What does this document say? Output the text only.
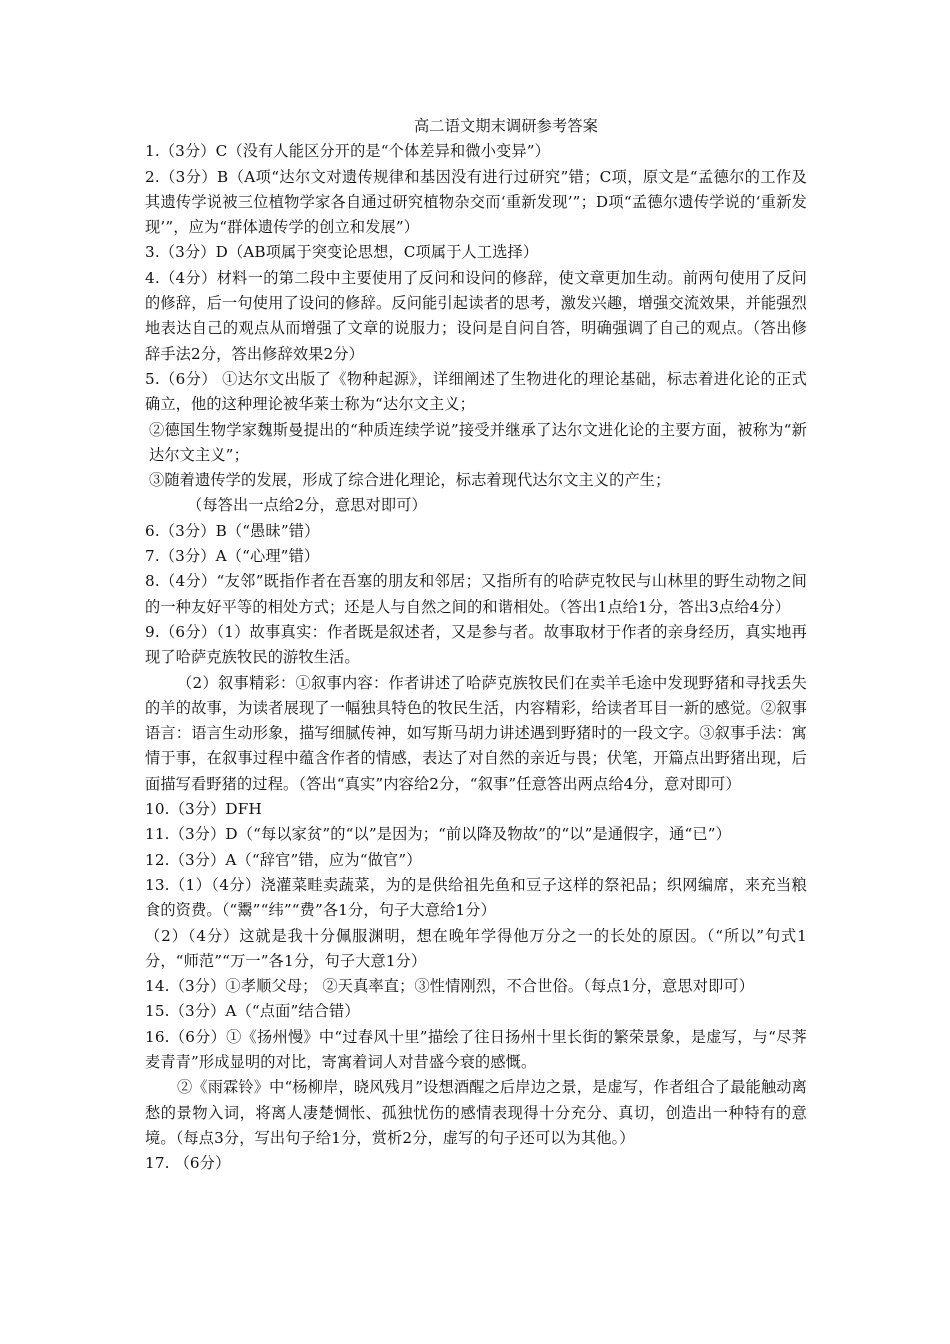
高二语文期末调研参考答案

1.（3分）C（没有人能区分开的是“个体差异和微小变异”）

2.（3分）B（A项“达尔文对遗传规律和基因没有进行过研究”错；C项，原文是“孟德尔的工作及其遗传学说被三位植物学家各自通过研究植物杂交而‘重新发现’”；D项“孟德尔遗传学说的‘重新发现’”，应为“群体遗传学的创立和发展”）

3.（3分）D（AB项属于突变论思想，C项属于人工选择）

4.（4分）材料一的第二段中主要使用了反问和设问的修辞，使文章更加生动。前两句使用了反问的修辞，后一句使用了设问的修辞。反问能引起读者的思考，激发兴趣，增强交流效果，并能强烈地表达自己的观点从而增强了文章的说服力；设问是自问自答，明确强调了自己的观点。（答出修辞手法2分，答出修辞效果2分）

5.（6分） ①达尔文出版了《物种起源》，详细阐述了生物进化的理论基础，标志着进化论的正式确立，他的这种理论被华莱士称为“达尔文主义；

②德国生物学家魏斯曼提出的“种质连续学说”接受并继承了达尔文进化论的主要方面，被称为“新达尔文主义”；

③随着遗传学的发展，形成了综合进化理论，标志着现代达尔文主义的产生；

（每答出一点给2分，意思对即可）

6.（3分）B（“愚昧”错）

7.（3分）A（“心理”错）

8.（4分）“友邻”既指作者在吾塞的朋友和邻居；又指所有的哈萨克牧民与山林里的野生动物之间的一种友好平等的相处方式；还是人与自然之间的和谐相处。（答出1点给1分，答出3点给4分）

9.（6分）（1）故事真实：作者既是叙述者，又是参与者。故事取材于作者的亲身经历，真实地再现了哈萨克族牧民的游牧生活。

（2）叙事精彩：①叙事内容：作者讲述了哈萨克族牧民们在卖羊毛途中发现野猪和寻找丢失的羊的故事，为读者展现了一幅独具特色的牧民生活，内容精彩，给读者耳目一新的感觉。②叙事语言：语言生动形象，描写细腻传神，如写斯马胡力讲述遇到野猪时的一段文字。③叙事手法：寓情于事，在叙事过程中蕴含作者的情感，表达了对自然的亲近与畏；伏笔，开篇点出野猪出现，后面描写看野猪的过程。（答出“真实”内容给2分，“叙事”任意答出两点给4分，意对即可）

10.（3分）DFH

11.（3分）D（“每以家贫”的“以”是因为；“前以降及物故”的“以”是通假字，通“已”）

12.（3分）A（“辞官”错，应为“做官”）

13.（1）（4分）浇灌菜畦卖蔬菜，为的是供给祖先鱼和豆子这样的祭祀品；织网编席，来充当粮食的资费。（“鬻”“纬”“费”各1分，句子大意给1分）

（2）（4分）这就是我十分佩服渊明，想在晚年学得他万分之一的长处的原因。（“所以”句式1分，“师范”“万一”各1分，句子大意1分）

14.（3分）①孝顺父母； ②天真率直；③性情刚烈，不合世俗。（每点1分，意思对即可）

15.（3分）A（“点面”结合错）

16.（6分）①《扬州慢》中“过春风十里”描绘了往日扬州十里长街的繁荣景象，是虚写，与“尽荠麦青青”形成显明的对比，寄寓着词人对昔盛今衰的感慨。

②《雨霖铃》中“杨柳岸，晓风残月”设想酒醒之后岸边之景，是虚写，作者组合了最能触动离愁的景物入词，将离人凄楚惆怅、孤独忧伤的感情表现得十分充分、真切，创造出一种特有的意境。（每点3分，写出句子给1分，赏析2分，虚写的句子还可以为其他。）

17. （6分）
